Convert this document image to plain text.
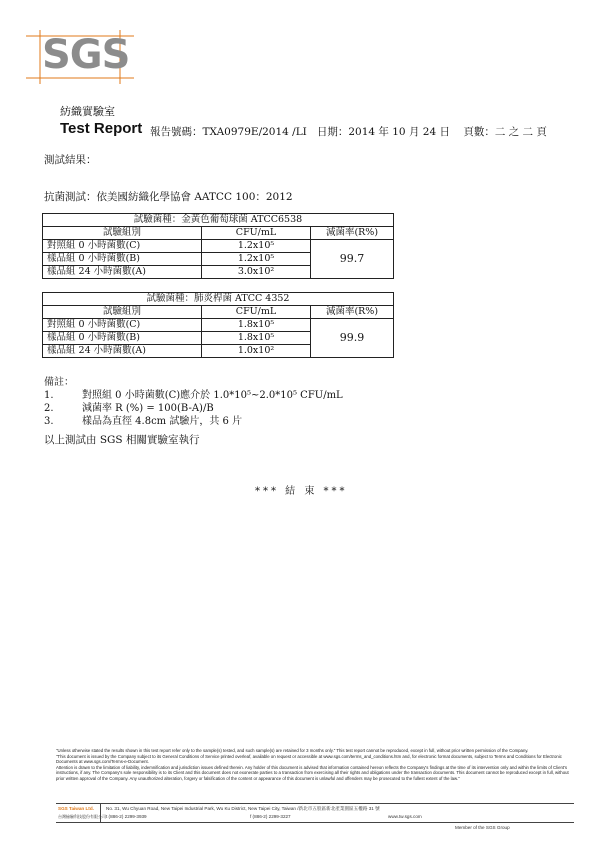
SGS
紡織實驗室
Test Report 報告號碼：TXA0979E/2014 /LI 日期：2014 年 10 月 24 日 頁數：二 之 二 頁
測試結果：
抗菌測試：依美國紡織化學協會 AATCC 100：2012
試驗菌種：金黃色葡萄球菌 ATCC6538		
試驗組別	CFU/mL	減菌率(R%)
對照組 0 小時菌數(C)	1.2x10⁵	99.7
樣品組 0 小時菌數(B)	1.2x10⁵	
樣品組 24 小時菌數(A)	3.0x10²	
試驗菌種：肺炎桿菌 ATCC 4352		
試驗組別	CFU/mL	減菌率(R%)
對照組 0 小時菌數(C)	1.8x10⁵	99.9
樣品組 0 小時菌數(B)	1.8x10⁵	
樣品組 24 小時菌數(A)	1.0x10²	
備註：
1.	對照組 0 小時菌數(C)應介於 1.0*10⁵~2.0*10⁵ CFU/mL
2.	減菌率 R (%) = 100(B-A)/B
3.	樣品為直徑 4.8cm 試驗片，共 6 片
以上測試由 SGS 相關實驗室執行
*** 結 束 ***

"Unless otherwise stated the results shown in this test report refer only to the sample(s) tested, and such sample(s) are retained for 3 months only." This test report cannot be reproduced, except in full, without prior written permission of the Company.

"This document is issued by the Company subject to its General Conditions of Service printed overleaf, available on request or accessible at www.sgs.com/terms_and_conditions.htm and, for electronic format documents, subject to Terms and Conditions for Electronic Documents at www.sgs.com/Terms-e-Document.

Attention is drawn to the limitation of liability, indemnification and jurisdiction issues defined therein. Any holder of this document is advised that information contained hereon reflects the Company's findings at the time of its intervention only and within the limits of Client's instructions, if any. The Company's sole responsibility is to its Client and this document does not exonerate parties to a transaction from exercising all their rights and obligations under the transaction documents. This document cannot be reproduced except in full, without prior written approval of the Company. Any unauthorized alteration, forgery or falsification of the content or appearance of this document is unlawful and offenders may be prosecuted to the fullest extent of the law."

SGS Taiwan Ltd.
台灣檢驗科技股份有限公司
No. 31, Wu Chyuan Road, New Taipei Industrial Park, Wu Ku District, New Taipei City, Taiwan /新北市五股區新北產業園區五權路 31 號
t (886-2) 2299-3939	f (886-2) 2299-3227	www.tw.sgs.com
Member of the SGS Group
